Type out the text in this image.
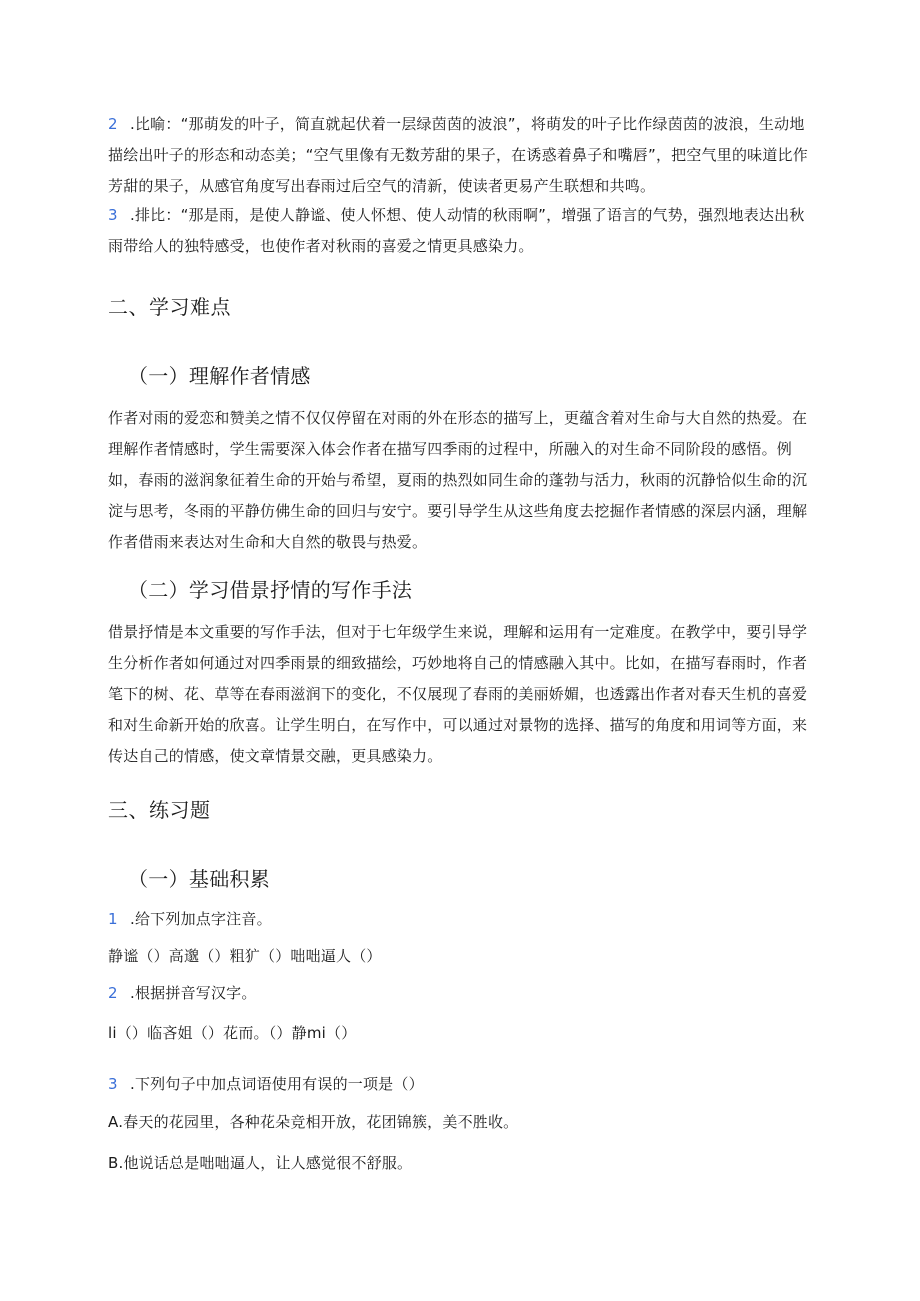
2 .比喻：“那萌发的叶子，简直就起伏着一层绿茵茵的波浪”，将萌发的叶子比作绿茵茵的波浪，生动地描绘出叶子的形态和动态美；“空气里像有无数芳甜的果子，在诱惑着鼻子和嘴唇”，把空气里的味道比作芳甜的果子，从感官角度写出春雨过后空气的清新，使读者更易产生联想和共鸣。
3 .排比：“那是雨，是使人静谧、使人怀想、使人动情的秋雨啊”，增强了语言的气势，强烈地表达出秋雨带给人的独特感受，也使作者对秋雨的喜爱之情更具感染力。
二、学习难点
（一）理解作者情感
作者对雨的爱恋和赞美之情不仅仅停留在对雨的外在形态的描写上，更蕴含着对生命与大自然的热爱。在理解作者情感时，学生需要深入体会作者在描写四季雨的过程中，所融入的对生命不同阶段的感悟。例如，春雨的滋润象征着生命的开始与希望，夏雨的热烈如同生命的蓬勃与活力，秋雨的沉静恰似生命的沉淀与思考，冬雨的平静仿佛生命的回归与安宁。要引导学生从这些角度去挖掘作者情感的深层内涵，理解作者借雨来表达对生命和大自然的敬畏与热爱。
（二）学习借景抒情的写作手法
借景抒情是本文重要的写作手法，但对于七年级学生来说，理解和运用有一定难度。在教学中，要引导学生分析作者如何通过对四季雨景的细致描绘，巧妙地将自己的情感融入其中。比如，在描写春雨时，作者笔下的树、花、草等在春雨滋润下的变化，不仅展现了春雨的美丽娇媚，也透露出作者对春天生机的喜爱和对生命新开始的欣喜。让学生明白，在写作中，可以通过对景物的选择、描写的角度和用词等方面，来传达自己的情感，使文章情景交融，更具感染力。
三、练习题
（一）基础积累
1 .给下列加点字注音。
静谧（）高邈（）粗犷（）咄咄逼人（）
2 .根据拼音写汉字。
li（）临吝姐（）花而。（）静mi（）
3 .下列句子中加点词语使用有误的一项是（）
A.春天的花园里，各种花朵竞相开放，花团锦簇，美不胜收。
B.他说话总是咄咄逼人，让人感觉很不舒服。
